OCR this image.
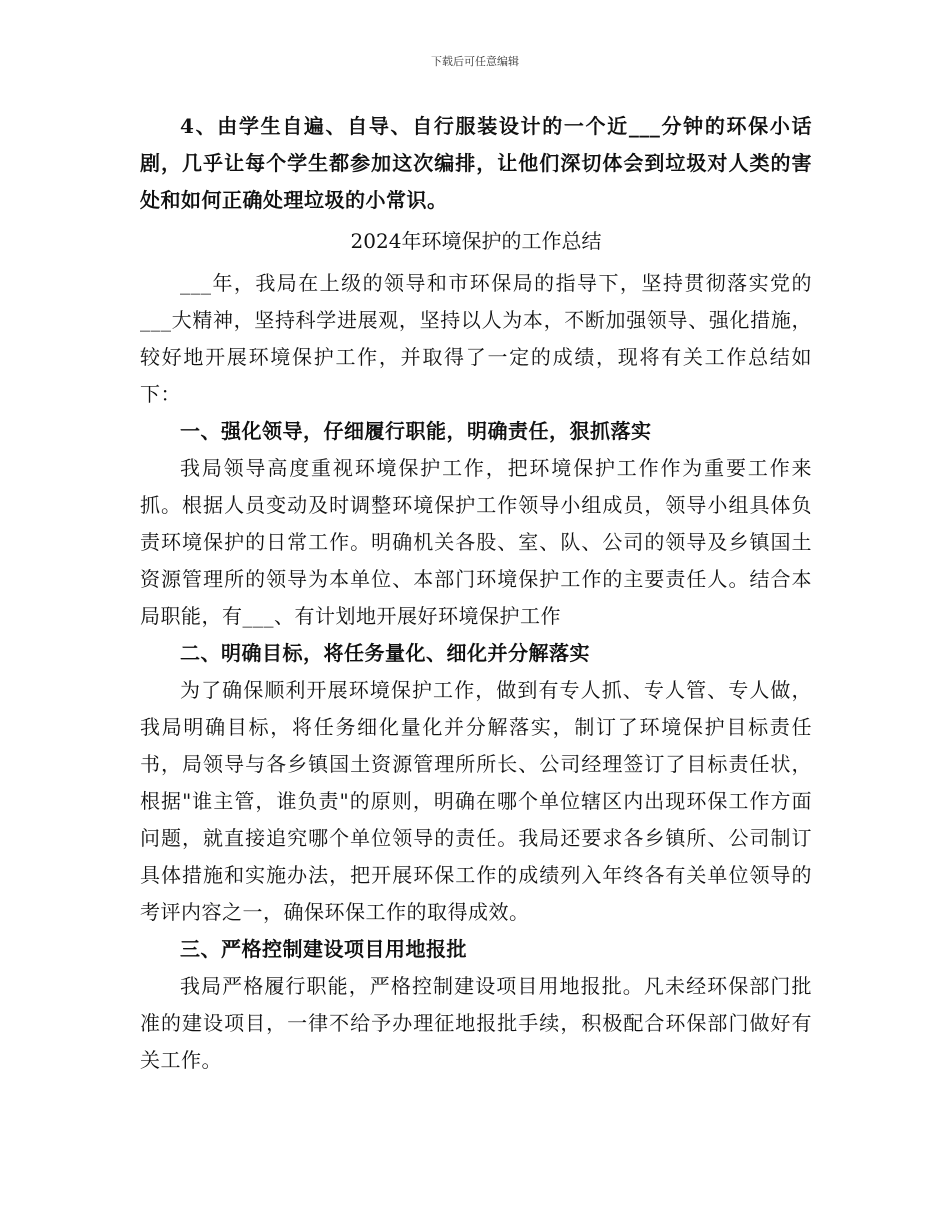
下载后可任意编辑

4、由学生自遍、自导、自行服装设计的一个近___分钟的环保小话剧，几乎让每个学生都参加这次编排，让他们深切体会到垃圾对人类的害处和如何正确处理垃圾的小常识。

2024年环境保护的工作总结

___年，我局在上级的领导和市环保局的指导下，坚持贯彻落实党的___大精神，坚持科学进展观，坚持以人为本，不断加强领导、强化措施，较好地开展环境保护工作，并取得了一定的成绩，现将有关工作总结如下：

一、强化领导，仔细履行职能，明确责任，狠抓落实

我局领导高度重视环境保护工作，把环境保护工作作为重要工作来抓。根据人员变动及时调整环境保护工作领导小组成员，领导小组具体负责环境保护的日常工作。明确机关各股、室、队、公司的领导及乡镇国土资源管理所的领导为本单位、本部门环境保护工作的主要责任人。结合本局职能，有___、有计划地开展好环境保护工作

二、明确目标，将任务量化、细化并分解落实

为了确保顺利开展环境保护工作，做到有专人抓、专人管、专人做，我局明确目标，将任务细化量化并分解落实，制订了环境保护目标责任书，局领导与各乡镇国土资源管理所所长、公司经理签订了目标责任状，根据"谁主管，谁负责"的原则，明确在哪个单位辖区内出现环保工作方面问题，就直接追究哪个单位领导的责任。我局还要求各乡镇所、公司制订具体措施和实施办法，把开展环保工作的成绩列入年终各有关单位领导的考评内容之一，确保环保工作的取得成效。

三、严格控制建设项目用地报批

我局严格履行职能，严格控制建设项目用地报批。凡未经环保部门批准的建设项目，一律不给予办理征地报批手续，积极配合环保部门做好有关工作。
